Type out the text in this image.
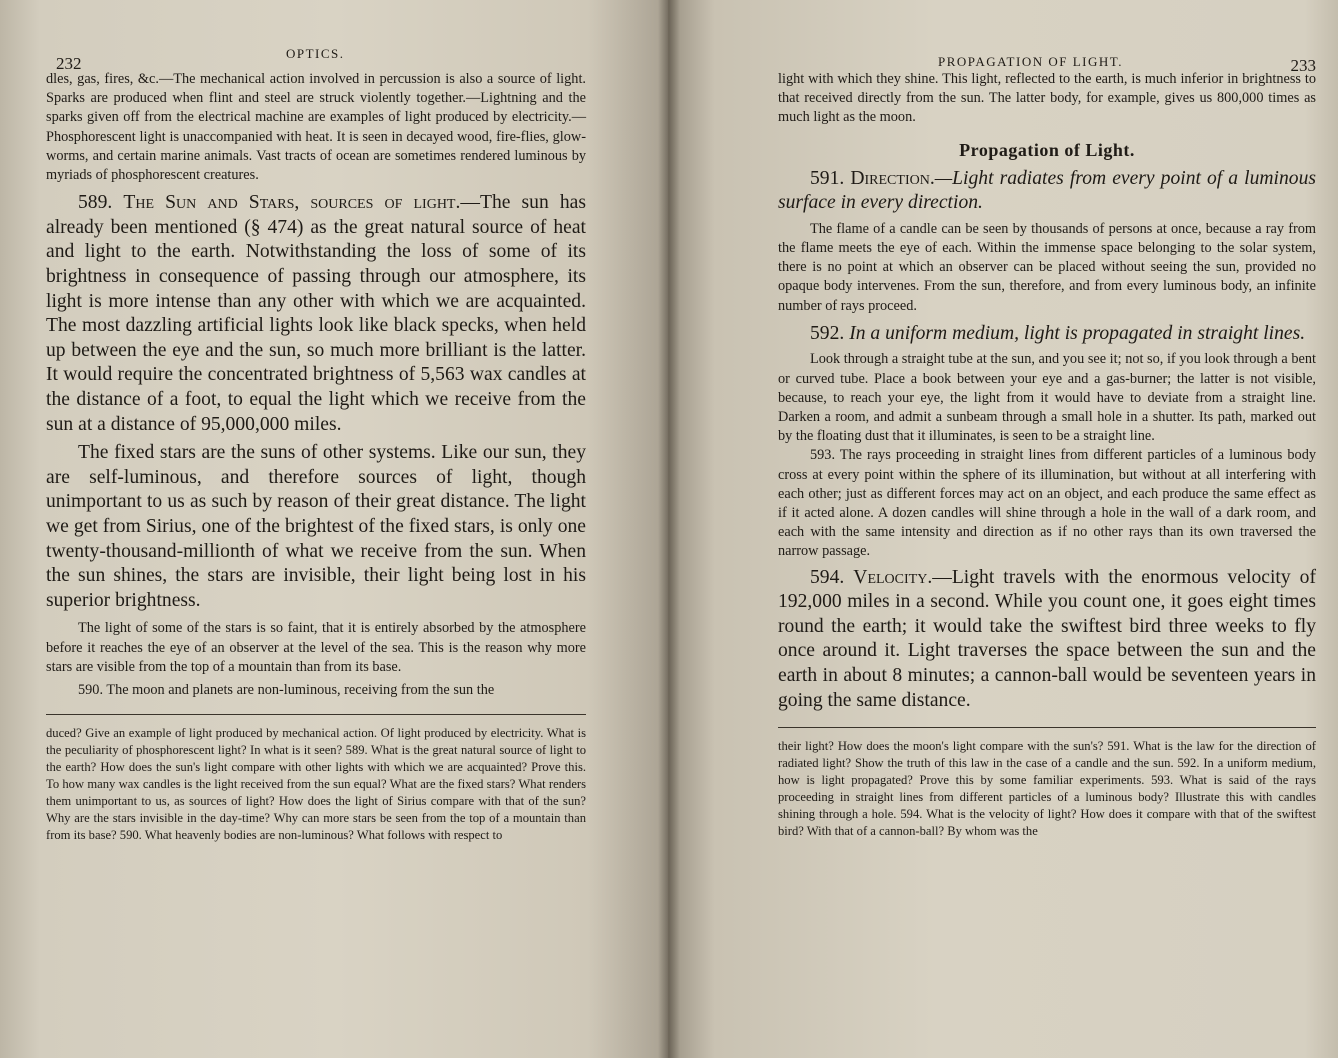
232
OPTICS.

dles, gas, fires, &c.—The mechanical action involved in percussion is also a source of light. Sparks are produced when flint and steel are struck violently together.—Lightning and the sparks given off from the electrical machine are examples of light produced by electricity.—Phosphorescent light is unaccompanied with heat. It is seen in decayed wood, fire-flies, glow-worms, and certain marine animals. Vast tracts of ocean are sometimes rendered luminous by myriads of phosphorescent creatures.

589. The Sun and Stars, sources of light.—The sun has already been mentioned (§ 474) as the great natural source of heat and light to the earth. Notwithstanding the loss of some of its brightness in consequence of passing through our atmosphere, its light is more intense than any other with which we are acquainted. The most dazzling artificial lights look like black specks, when held up between the eye and the sun, so much more brilliant is the latter. It would require the concentrated brightness of 5,563 wax candles at the distance of a foot, to equal the light which we receive from the sun at a distance of 95,000,000 miles.

The fixed stars are the suns of other systems. Like our sun, they are self-luminous, and therefore sources of light, though unimportant to us as such by reason of their great distance. The light we get from Sirius, one of the brightest of the fixed stars, is only one twenty-thousand-millionth of what we receive from the sun. When the sun shines, the stars are invisible, their light being lost in his superior brightness.

The light of some of the stars is so faint, that it is entirely absorbed by the atmosphere before it reaches the eye of an observer at the level of the sea. This is the reason why more stars are visible from the top of a mountain than from its base.

590. The moon and planets are non-luminous, receiving from the sun the

duced? Give an example of light produced by mechanical action. Of light produced by electricity. What is the peculiarity of phosphorescent light? In what is it seen? 589. What is the great natural source of light to the earth? How does the sun's light compare with other lights with which we are acquainted? Prove this. To how many wax candles is the light received from the sun equal? What are the fixed stars? What renders them unimportant to us, as sources of light? How does the light of Sirius compare with that of the sun? Why are the stars invisible in the day-time? Why can more stars be seen from the top of a mountain than from its base? 590. What heavenly bodies are non-luminous? What follows with respect to

PROPAGATION OF LIGHT.	233

light with which they shine. This light, reflected to the earth, is much inferior in brightness to that received directly from the sun. The latter body, for example, gives us 800,000 times as much light as the moon.

Propagation of Light.

591. Direction.—Light radiates from every point of a luminous surface in every direction.

The flame of a candle can be seen by thousands of persons at once, because a ray from the flame meets the eye of each. Within the immense space belonging to the solar system, there is no point at which an observer can be placed without seeing the sun, provided no opaque body intervenes. From the sun, therefore, and from every luminous body, an infinite number of rays proceed.

592. In a uniform medium, light is propagated in straight lines.

Look through a straight tube at the sun, and you see it; not so, if you look through a bent or curved tube. Place a book between your eye and a gas-burner; the latter is not visible, because, to reach your eye, the light from it would have to deviate from a straight line. Darken a room, and admit a sunbeam through a small hole in a shutter. Its path, marked out by the floating dust that it illuminates, is seen to be a straight line.

593. The rays proceeding in straight lines from different particles of a luminous body cross at every point within the sphere of its illumination, but without at all interfering with each other; just as different forces may act on an object, and each produce the same effect as if it acted alone. A dozen candles will shine through a hole in the wall of a dark room, and each with the same intensity and direction as if no other rays than its own traversed the narrow passage.

594. Velocity.—Light travels with the enormous velocity of 192,000 miles in a second. While you count one, it goes eight times round the earth; it would take the swiftest bird three weeks to fly once around it. Light traverses the space between the sun and the earth in about 8 minutes; a cannon-ball would be seventeen years in going the same distance.

their light? How does the moon's light compare with the sun's? 591. What is the law for the direction of radiated light? Show the truth of this law in the case of a candle and the sun. 592. In a uniform medium, how is light propagated? Prove this by some familiar experiments. 593. What is said of the rays proceeding in straight lines from different particles of a luminous body? Illustrate this with candles shining through a hole. 594. What is the velocity of light? How does it compare with that of the swiftest bird? With that of a cannon-ball? By whom was the
